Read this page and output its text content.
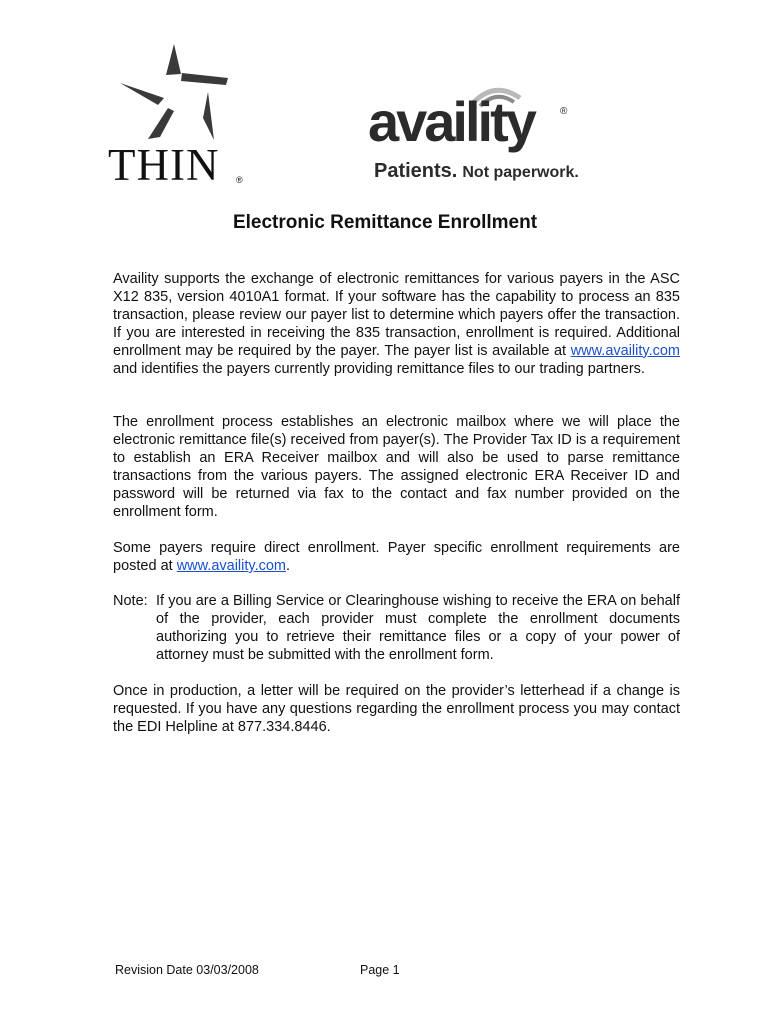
THIN	®
availity	®
Patients. Not paperwork.
Electronic Remittance Enrollment

Availity supports the exchange of electronic remittances for various payers in the ASC X12 835, version 4010A1 format. If your software has the capability to process an 835 transaction, please review our payer list to determine which payers offer the transaction. If you are interested in receiving the 835 transaction, enrollment is required. Additional enrollment may be required by the payer. The payer list is available at www.availity.com and identifies the payers currently providing remittance files to our trading partners.

The enrollment process establishes an electronic mailbox where we will place the electronic remittance file(s) received from payer(s). The Provider Tax ID is a requirement to establish an ERA Receiver mailbox and will also be used to parse remittance transactions from the various payers. The assigned electronic ERA Receiver ID and password will be returned via fax to the contact and fax number provided on the enrollment form.

Some payers require direct enrollment. Payer specific enrollment requirements are posted at www.availity.com.

Note: If you are a Billing Service or Clearinghouse wishing to receive the ERA on behalf of the provider, each provider must complete the enrollment documents authorizing you to retrieve their remittance files or a copy of your power of attorney must be submitted with the enrollment form.

Once in production, a letter will be required on the provider’s letterhead if a change is requested. If you have any questions regarding the enrollment process you may contact the EDI Helpline at 877.334.8446.

Revision Date 03/03/2008	Page 1
